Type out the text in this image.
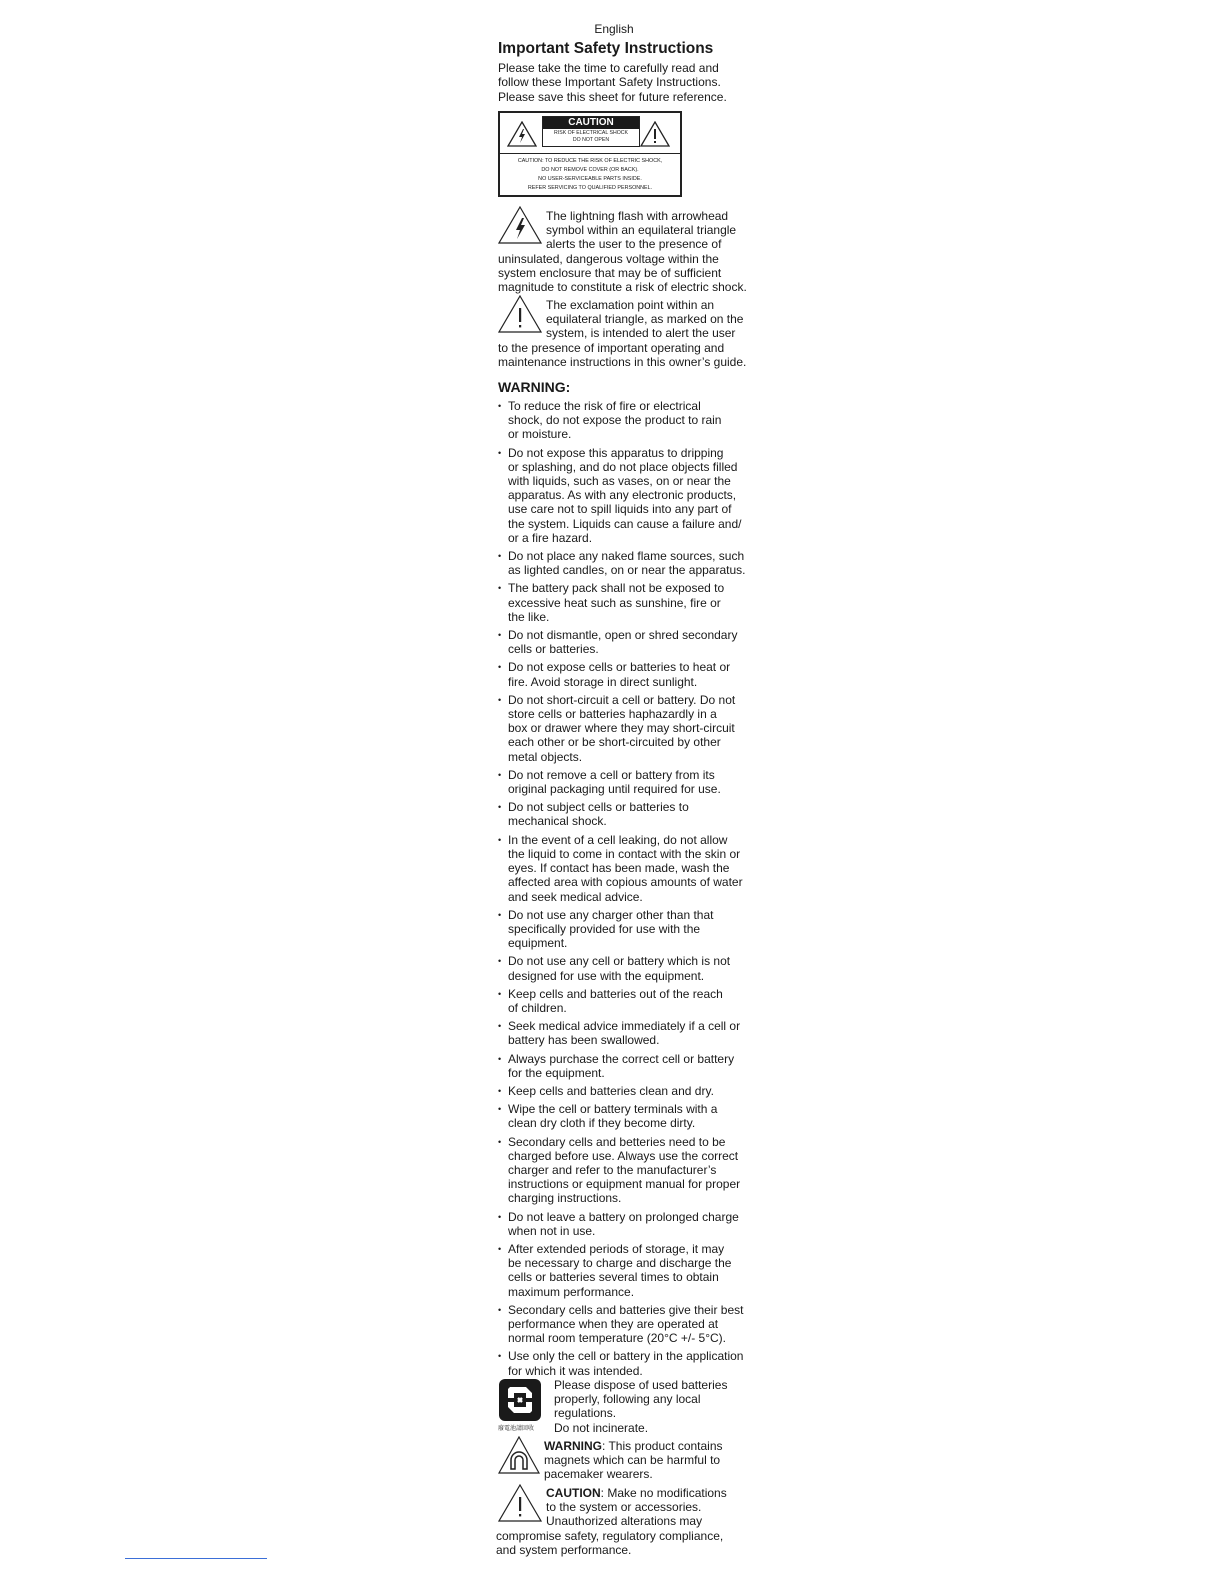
English
Important Safety Instructions
Please take the time to carefully read and
follow these Important Safety Instructions.
Please save this sheet for future reference.
CAUTION
RISK OF ELECTRICAL SHOCK
DO NOT OPEN
CAUTION: TO REDUCE THE RISK OF ELECTRIC SHOCK,
DO NOT REMOVE COVER (OR BACK).
NO USER-SERVICEABLE PARTS INSIDE.
REFER SERVICING TO QUALIFIED PERSONNEL.
The lightning flash with arrowhead
symbol within an equilateral triangle
alerts the user to the presence of
uninsulated, dangerous voltage within the
system enclosure that may be of sufficient
magnitude to constitute a risk of electric shock.
The exclamation point within an
equilateral triangle, as marked on the
system, is intended to alert the user
to the presence of important operating and
maintenance instructions in this owner’s guide.
WARNING:
• To reduce the risk of fire or electrical
shock, do not expose the product to rain
or moisture.
• Do not expose this apparatus to dripping
or splashing, and do not place objects filled
with liquids, such as vases, on or near the
apparatus. As with any electronic products,
use care not to spill liquids into any part of
the system. Liquids can cause a failure and/
or a fire hazard.
• Do not place any naked flame sources, such
as lighted candles, on or near the apparatus.
• The battery pack shall not be exposed to
excessive heat such as sunshine, fire or
the like.
• Do not dismantle, open or shred secondary
cells or batteries.
• Do not expose cells or batteries to heat or
fire. Avoid storage in direct sunlight.
• Do not short-circuit a cell or battery. Do not
store cells or batteries haphazardly in a
box or drawer where they may short-circuit
each other or be short-circuited by other
metal objects.
• Do not remove a cell or battery from its
original packaging until required for use.
• Do not subject cells or batteries to
mechanical shock.
• In the event of a cell leaking, do not allow
the liquid to come in contact with the skin or
eyes. If contact has been made, wash the
affected area with copious amounts of water
and seek medical advice.
• Do not use any charger other than that
specifically provided for use with the
equipment.
• Do not use any cell or battery which is not
designed for use with the equipment.
• Keep cells and batteries out of the reach
of children.
• Seek medical advice immediately if a cell or
battery has been swallowed.
• Always purchase the correct cell or battery
for the equipment.
• Keep cells and batteries clean and dry.
• Wipe the cell or battery terminals with a
clean dry cloth if they become dirty.
• Secondary cells and betteries need to be
charged before use. Always use the correct
charger and refer to the manufacturer’s
instructions or equipment manual for proper
charging instructions.
• Do not leave a battery on prolonged charge
when not in use.
• After extended periods of storage, it may
be necessary to charge and discharge the
cells or batteries several times to obtain
maximum performance.
• Secondary cells and batteries give their best
performance when they are operated at
normal room temperature (20°C +/- 5°C).
• Use only the cell or battery in the application
for which it was intended.
廢電池請回收
Please dispose of used batteries
properly, following any local
regulations.
Do not incinerate.
WARNING: This product contains
magnets which can be harmful to
pacemaker wearers.
CAUTION: Make no modifications
to the system or accessories.
Unauthorized alterations may
compromise safety, regulatory compliance,
and system performance.
